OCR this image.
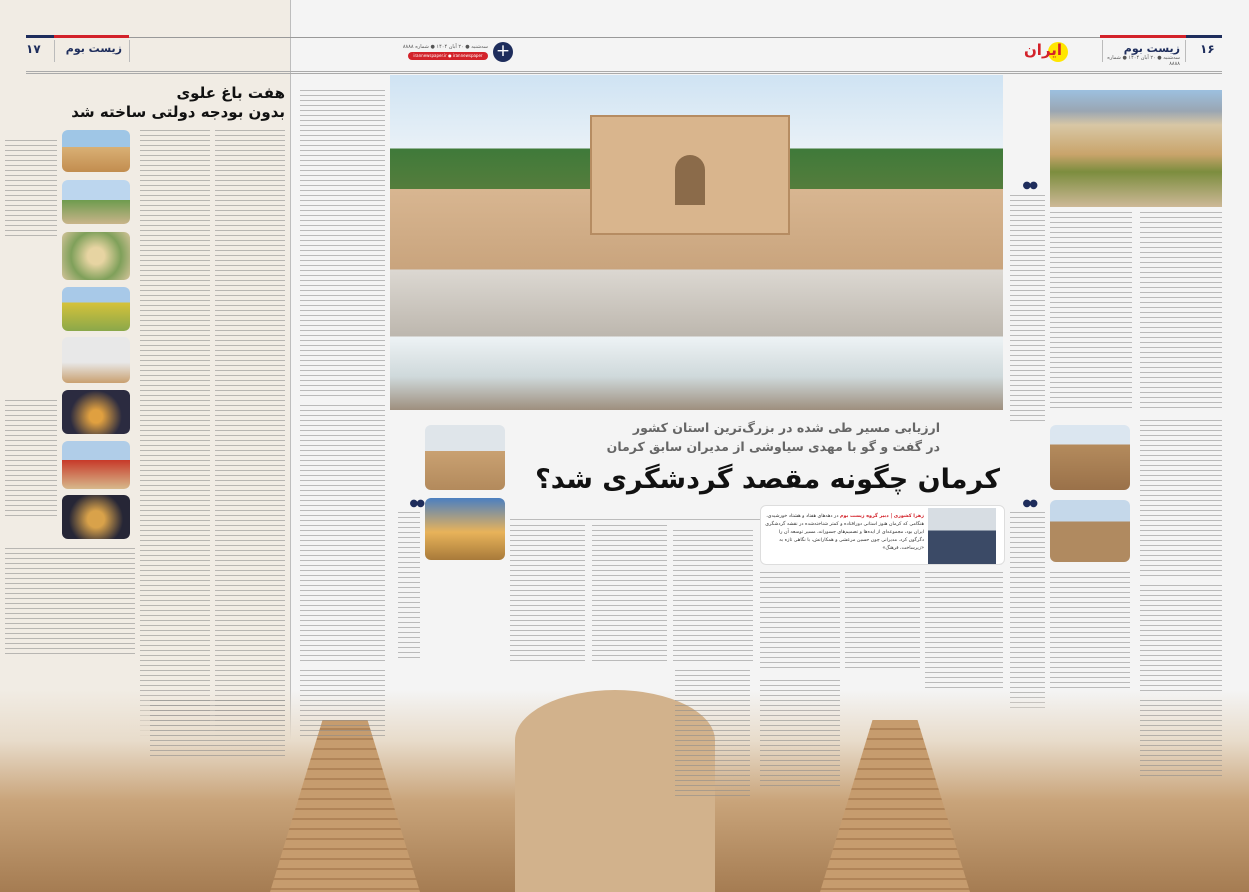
۱۷	زیست بوم	سه‌شنبه ● ۲۰ آبان ۱۴۰۴ ● شماره ۸۸۸۸
irannewspaper.ir ● irannewspaper +	ایران	زیست بوم
سه‌شنبه ● ۲۰ آبان ۱۴۰۴ ● شماره ۸۸۸۸
۱۶
هفت باغ علوی
بدون بودجه دولتی ساخته شد
ارزیابی مسیر طی شده در بزرگ‌ترین استان کشور
در گفت و گو با مهدی سیاوشی از مدیران سابق کرمان
کرمان چگونه مقصد گردشگری شد؟
زهرا کشوری | دبیر گروه زیست بوم در دهه‌های هفتاد و هشتاد خورشیدی، هنگامی که کرمان هنوز استانی دورافتاده و کمتر شناخته‌شده در نقشه گردشگری ایران بود، مجموعه‌ای از ایده‌ها و تصمیم‌های جسورانه، مسیر توسعه آن را دگرگون کرد. مدیرانی چون حسین مرعشی و همکارانش، با نگاهی تازه به «زیرساخت، فرهنگ»
●●
●●
●●
